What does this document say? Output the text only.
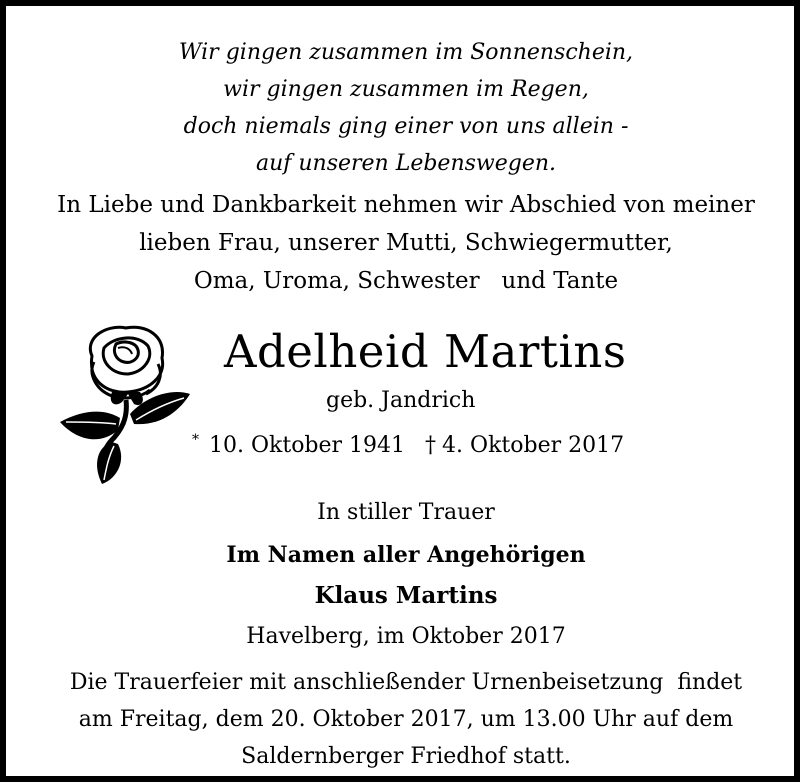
Wir gingen zusammen im Sonnenschein,
wir gingen zusammen im Regen,
doch niemals ging einer von uns allein -
auf unseren Lebenswegen.
In Liebe und Dankbarkeit nehmen wir Abschied von meiner
lieben Frau, unserer Mutti, Schwiegermutter,
Oma, Uroma, Schwester   und Tante
Adelheid Martins
geb. Jandrich
* 10. Oktober 1941 † 4. Oktober 2017
In stiller Trauer
Im Namen aller Angehörigen
Klaus Martins
Havelberg, im Oktober 2017
Die Trauerfeier mit anschließender Urnenbeisetzung  findet
am Freitag, dem 20. Oktober 2017, um 13.00 Uhr auf dem
Saldernberger Friedhof statt.
